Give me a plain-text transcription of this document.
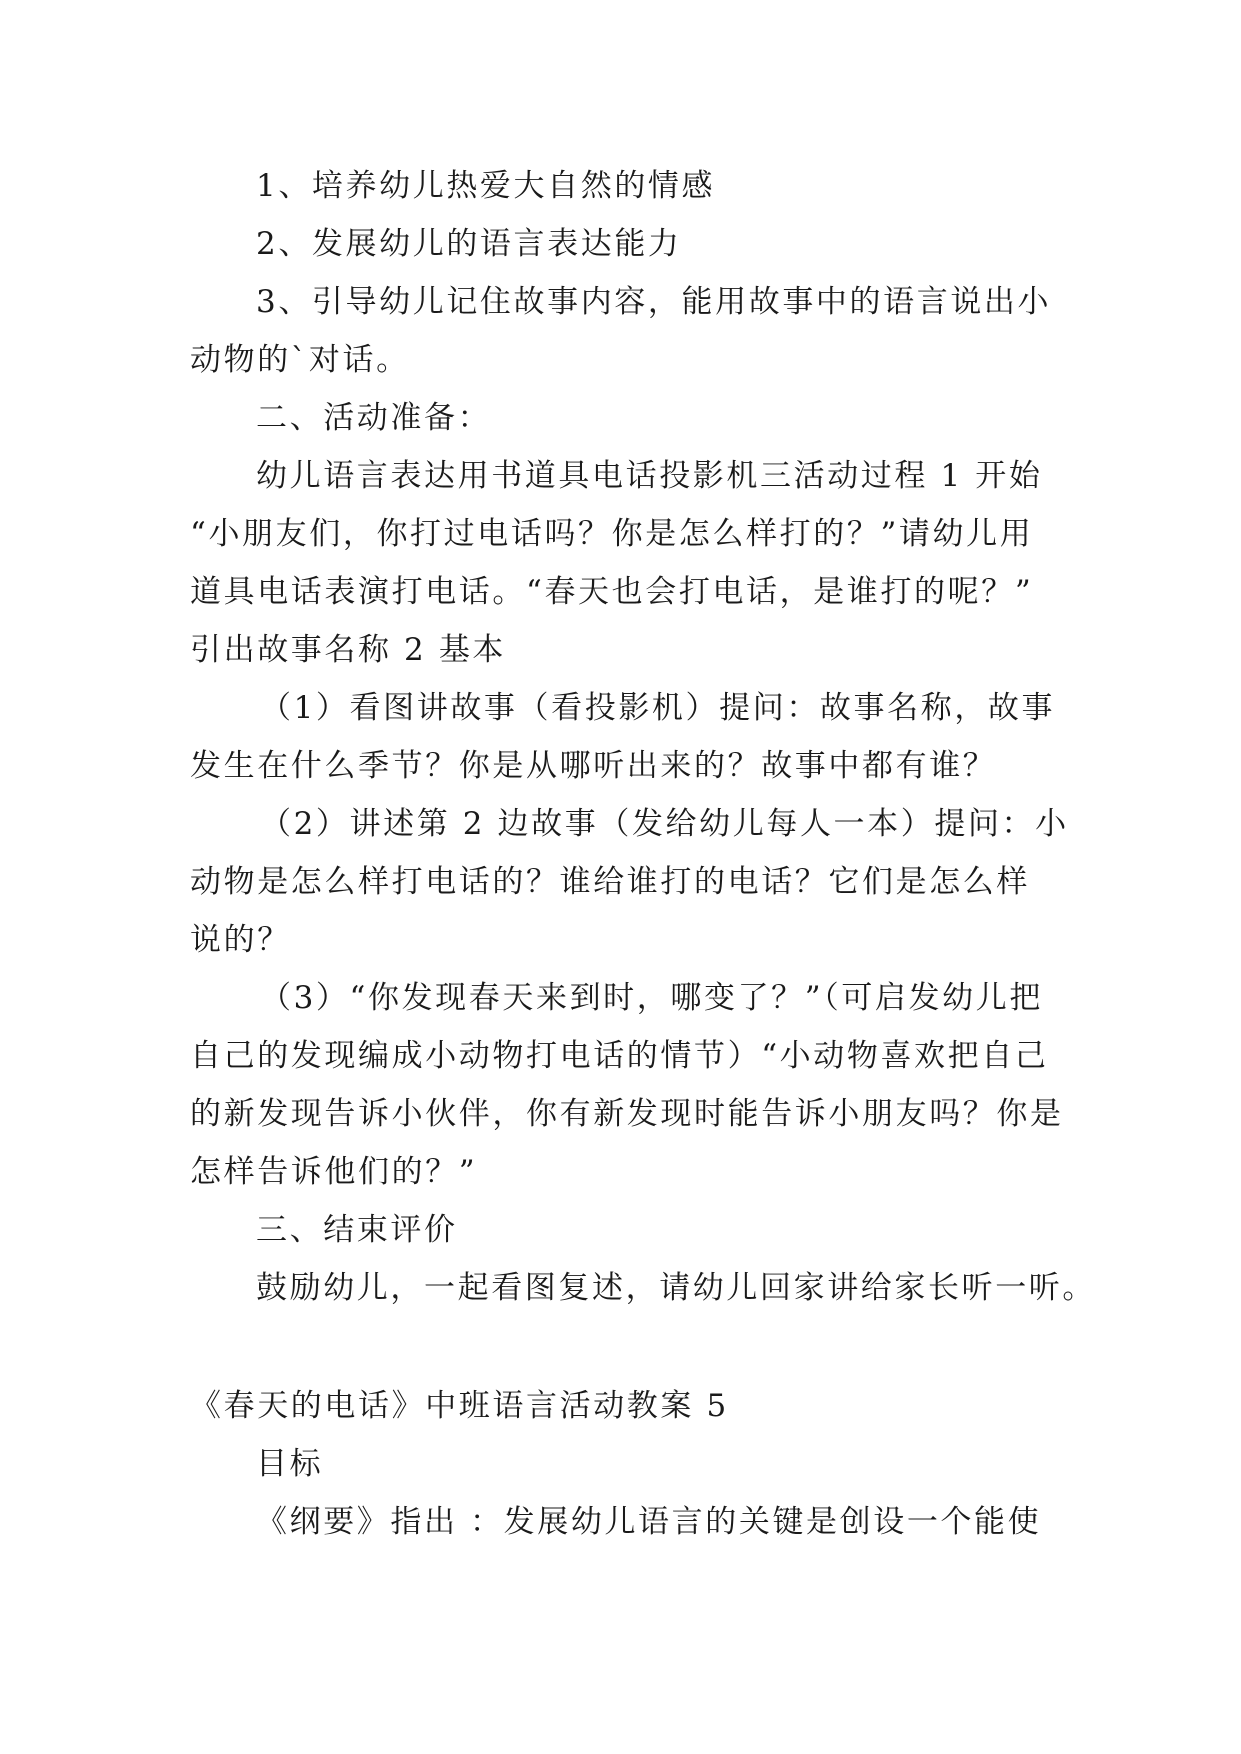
1、培养幼儿热爱大自然的情感
2、发展幼儿的语言表达能力
3、引导幼儿记住故事内容，能用故事中的语言说出小
动物的`对话。
二、活动准备：
幼儿语言表达用书道具电话投影机三活动过程 1 开始
“小朋友们，你打过电话吗？你是怎么样打的？”请幼儿用
道具电话表演打电话。“春天也会打电话，是谁打的呢？”
引出故事名称 2 基本
（1）看图讲故事（看投影机）提问：故事名称，故事
发生在什么季节？你是从哪听出来的？故事中都有谁？
（2）讲述第 2 边故事（发给幼儿每人一本）提问：小
动物是怎么样打电话的？谁给谁打的电话？它们是怎么样
说的？
（3）“你发现春天来到时，哪变了？”（可启发幼儿把
自己的发现编成小动物打电话的情节）“小动物喜欢把自己
的新发现告诉小伙伴，你有新发现时能告诉小朋友吗？你是
怎样告诉他们的？”
三、结束评价
鼓励幼儿，一起看图复述，请幼儿回家讲给家长听一听。
《春天的电话》中班语言活动教案 5
目标
《纲要》指出 ：发展幼儿语言的关键是创设一个能使
